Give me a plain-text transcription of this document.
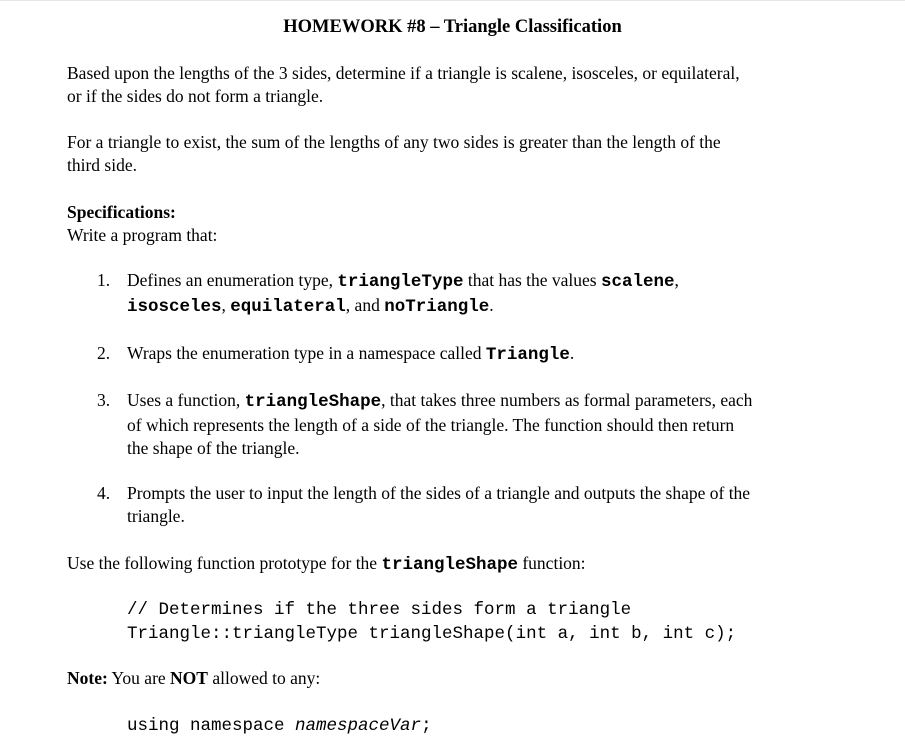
HOMEWORK #8 – Triangle Classification

Based upon the lengths of the 3 sides, determine if a triangle is scalene, isosceles, or equilateral,
or if the sides do not form a triangle.

For a triangle to exist, the sum of the lengths of any two sides is greater than the length of the
third side.

Specifications:
Write a program that:
1. Defines an enumeration type, triangleType that has the values scalene,
isosceles, equilateral, and noTriangle.
2. Wraps the enumeration type in a namespace called Triangle.
3. Uses a function, triangleShape, that takes three numbers as formal parameters, each
of which represents the length of a side of the triangle. The function should then return
the shape of the triangle.
4. Prompts the user to input the length of the sides of a triangle and outputs the shape of the
triangle.

Use the following function prototype for the triangleShape function:

// Determines if the three sides form a triangle
Triangle::triangleType triangleShape(int a, int b, int c);

Note: You are NOT allowed to any:

using namespace namespaceVar;
